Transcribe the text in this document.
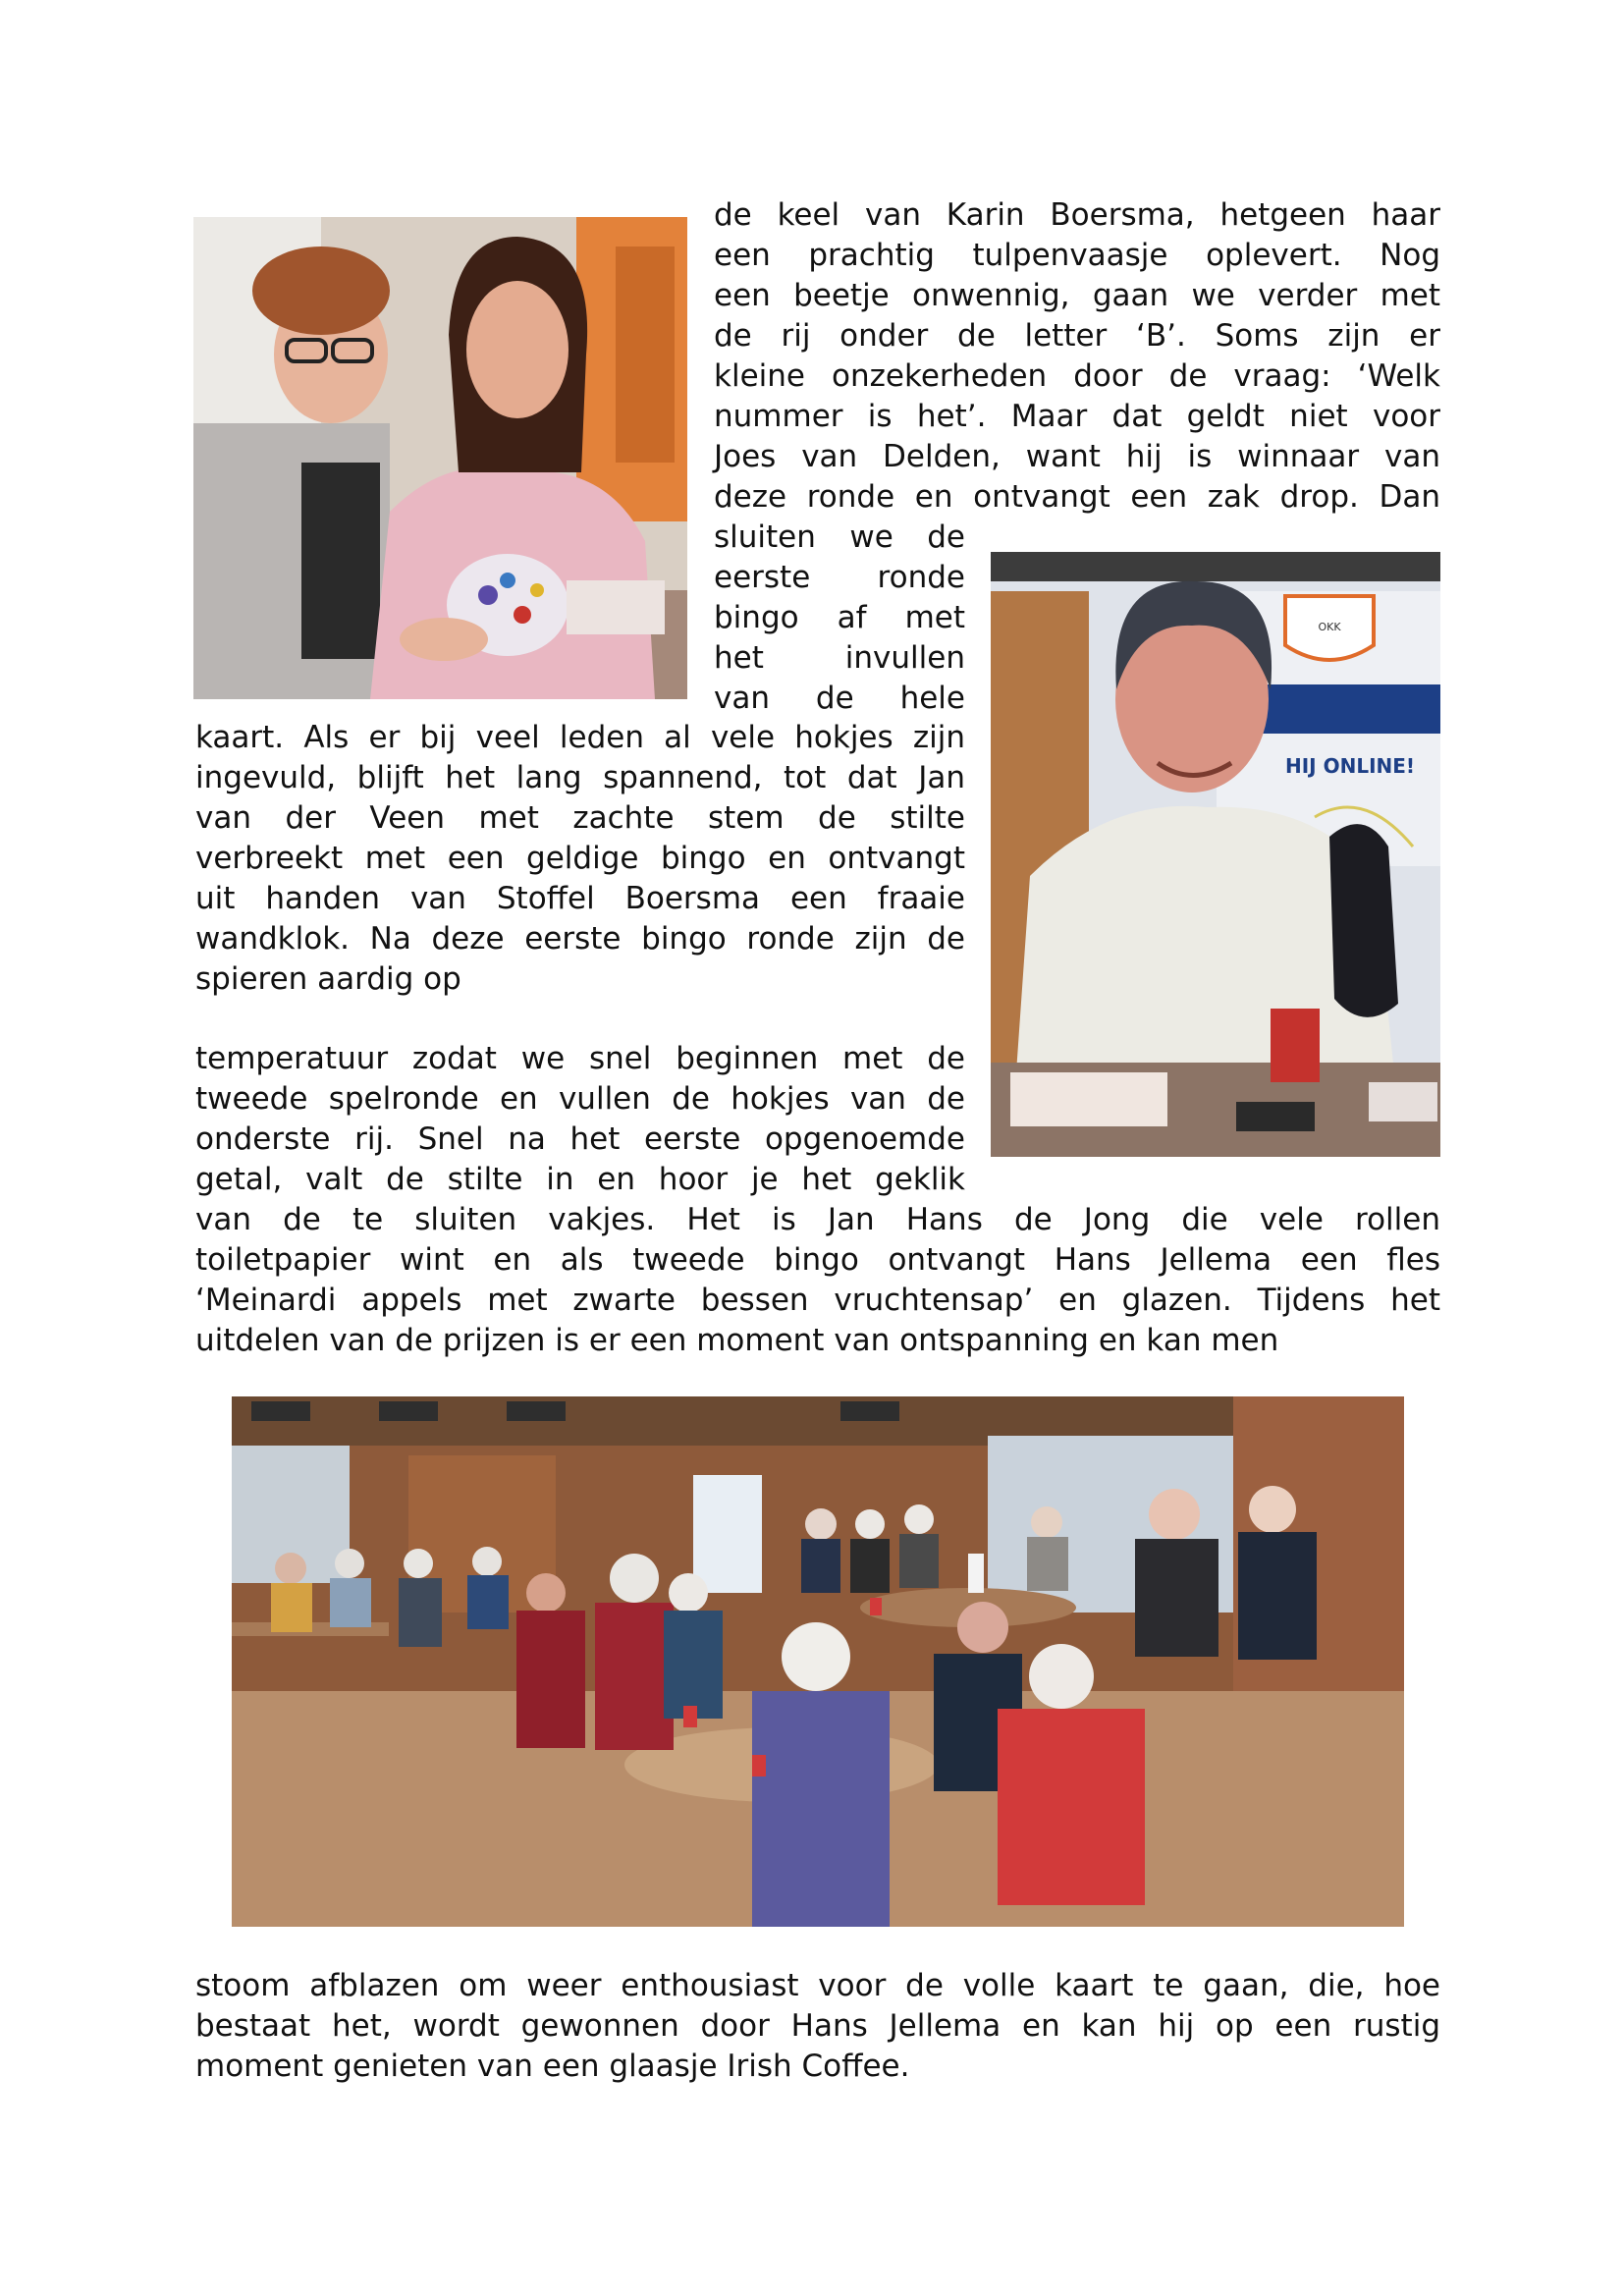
OKK
HIJ ONLINE!
de keel van Karin Boersma, hetgeen haar
een prachtig tulpenvaasje oplevert. Nog
een beetje onwennig, gaan we verder met
de rij onder de letter ‘B’. Soms zijn er
kleine onzekerheden door de vraag: ‘Welk
nummer is het’. Maar dat geldt niet voor
Joes van Delden, want hij is winnaar van
deze ronde en ontvangt een zak drop. Dan
sluiten we de
eerste ronde
bingo af met
het invullen
van de hele
kaart. Als er bij veel leden al vele hokjes zijn
ingevuld, blijft het lang spannend, tot dat Jan
van der Veen met zachte stem de stilte
verbreekt met een geldige bingo en ontvangt
uit handen van Stoffel Boersma een fraaie
wandklok. Na deze eerste bingo ronde zijn de
spieren aardig op
temperatuur zodat we snel beginnen met de
tweede spelronde en vullen de hokjes van de
onderste rij. Snel na het eerste opgenoemde
getal, valt de stilte in en hoor je het geklik
van de te sluiten vakjes. Het is Jan Hans de Jong die vele rollen
toiletpapier wint en als tweede bingo ontvangt Hans Jellema een fles
‘Meinardi appels met zwarte bessen vruchtensap’ en glazen. Tijdens het
uitdelen van de prijzen is er een moment van ontspanning en kan men
stoom afblazen om weer enthousiast voor de volle kaart te gaan, die, hoe
bestaat het, wordt gewonnen door Hans Jellema en kan hij op een rustig
moment genieten van een glaasje Irish Coffee.
